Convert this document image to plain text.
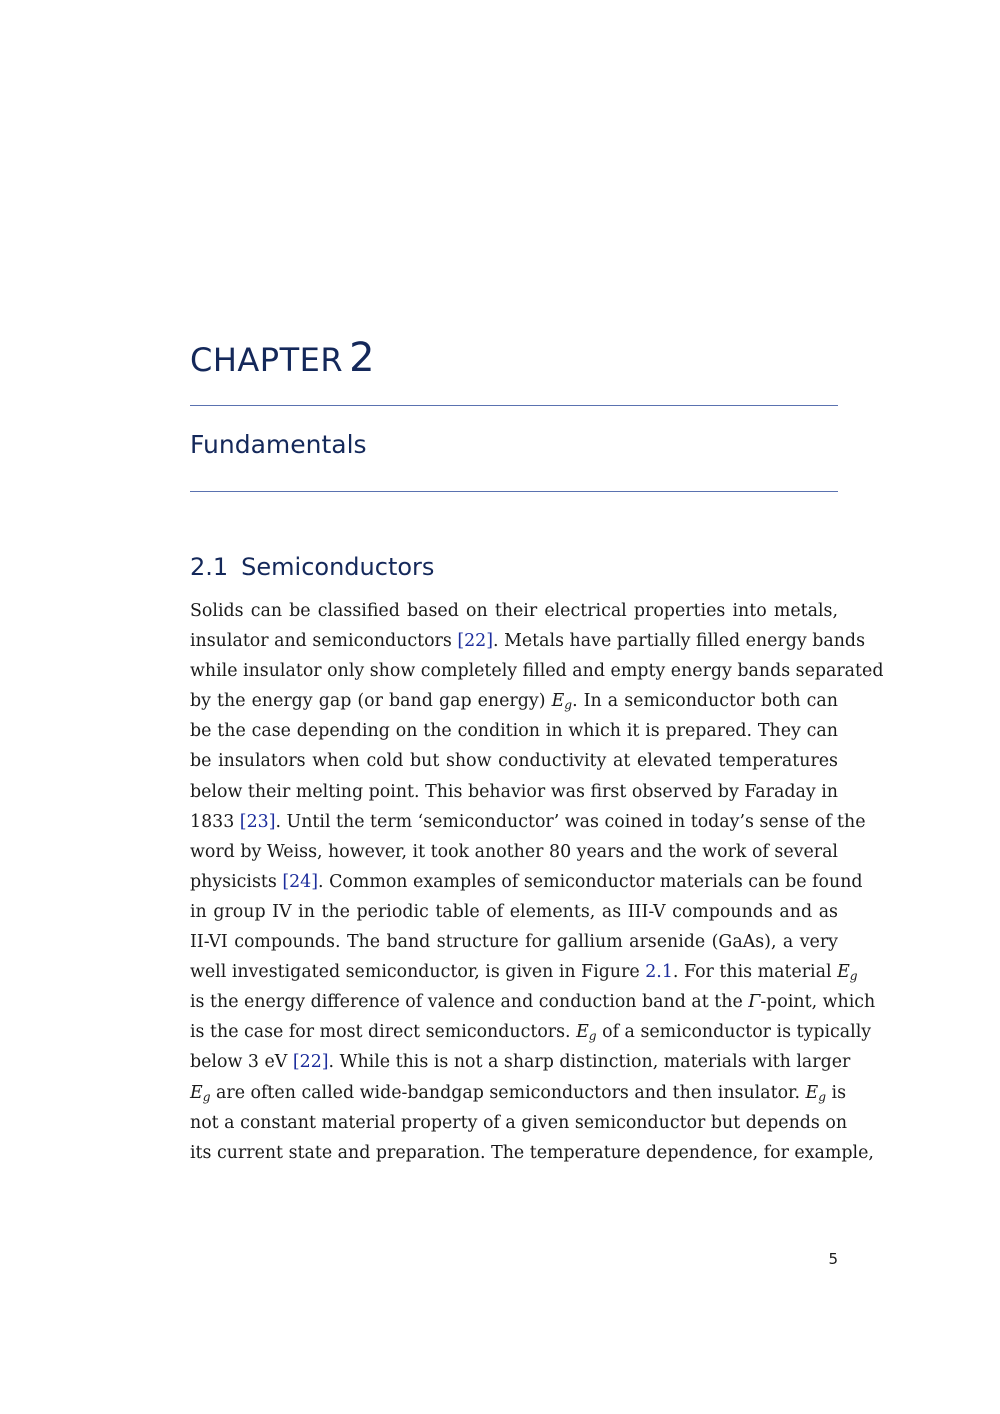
CHAPTER 2
Fundamentals
2.1 Semiconductors
Solids can be classified based on their electrical properties into metals,
insulator and semiconductors [22]. Metals have partially filled energy bands
while insulator only show completely filled and empty energy bands separated
by the energy gap (or band gap energy) $E_g$. In a semiconductor both can
be the case depending on the condition in which it is prepared. They can
be insulators when cold but show conductivity at elevated temperatures
below their melting point. This behavior was first observed by Faraday in
1833 [23]. Until the term ‘semiconductor’ was coined in today’s sense of the
word by Weiss, however, it took another 80 years and the work of several
physicists [24]. Common examples of semiconductor materials can be found
in group IV in the periodic table of elements, as III-V compounds and as
II-VI compounds. The band structure for gallium arsenide (GaAs), a very
well investigated semiconductor, is given in Figure 2.1. For this material $E_g$
is the energy difference of valence and conduction band at the Γ-point, which
is the case for most direct semiconductors. $E_g$ of a semiconductor is typically
below 3 eV [22]. While this is not a sharp distinction, materials with larger
$E_g$ are often called wide-bandgap semiconductors and then insulator. $E_g$ is
not a constant material property of a given semiconductor but depends on
its current state and preparation. The temperature dependence, for example,
5
